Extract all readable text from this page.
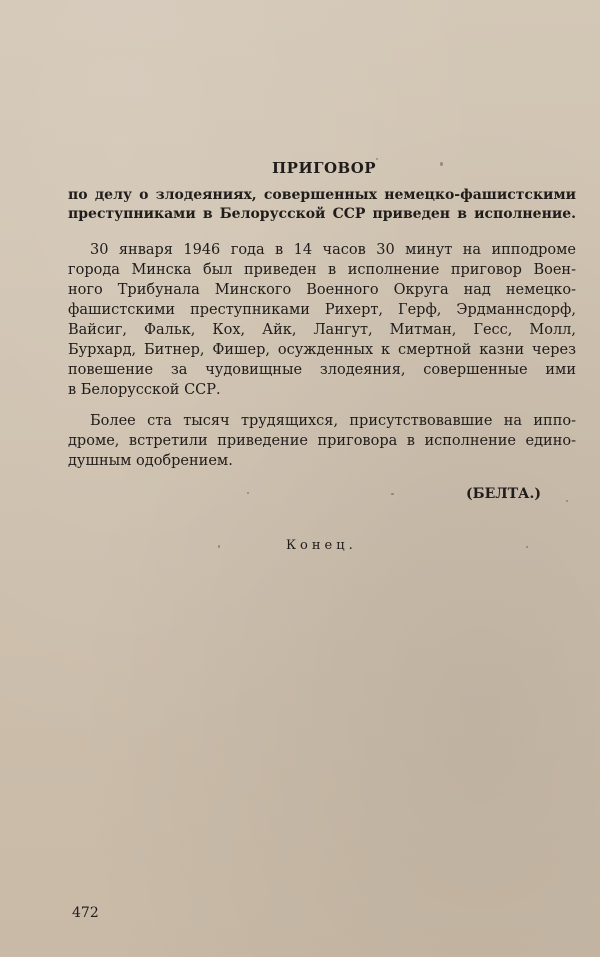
ПРИГОВОР
по делу о злодеяниях, совершенных немецко-фашистскими
преступниками в Белорусской ССР приведен в исполнение.
30 января 1946 года в 14 часов 30 минут на ипподроме
города Минска был приведен в исполнение приговор Воен-
ного Трибунала Минского Военного Округа над немецко-
фашистскими преступниками Рихерт, Герф, Эрдманнсдорф,
Вайсиг, Фальк, Кох, Айк, Лангут, Митман, Гесс, Молл,
Бурхард, Битнер, Фишер, осужденных к смертной казни через
повешение за чудовищные злодеяния, совершенные ими
в Белорусской ССР.
Более ста тысяч трудящихся, присутствовавшие на иппо-
дроме, встретили приведение приговора в исполнение едино-
душным одобрением.
(БЕЛТА.)
Конец.
472
